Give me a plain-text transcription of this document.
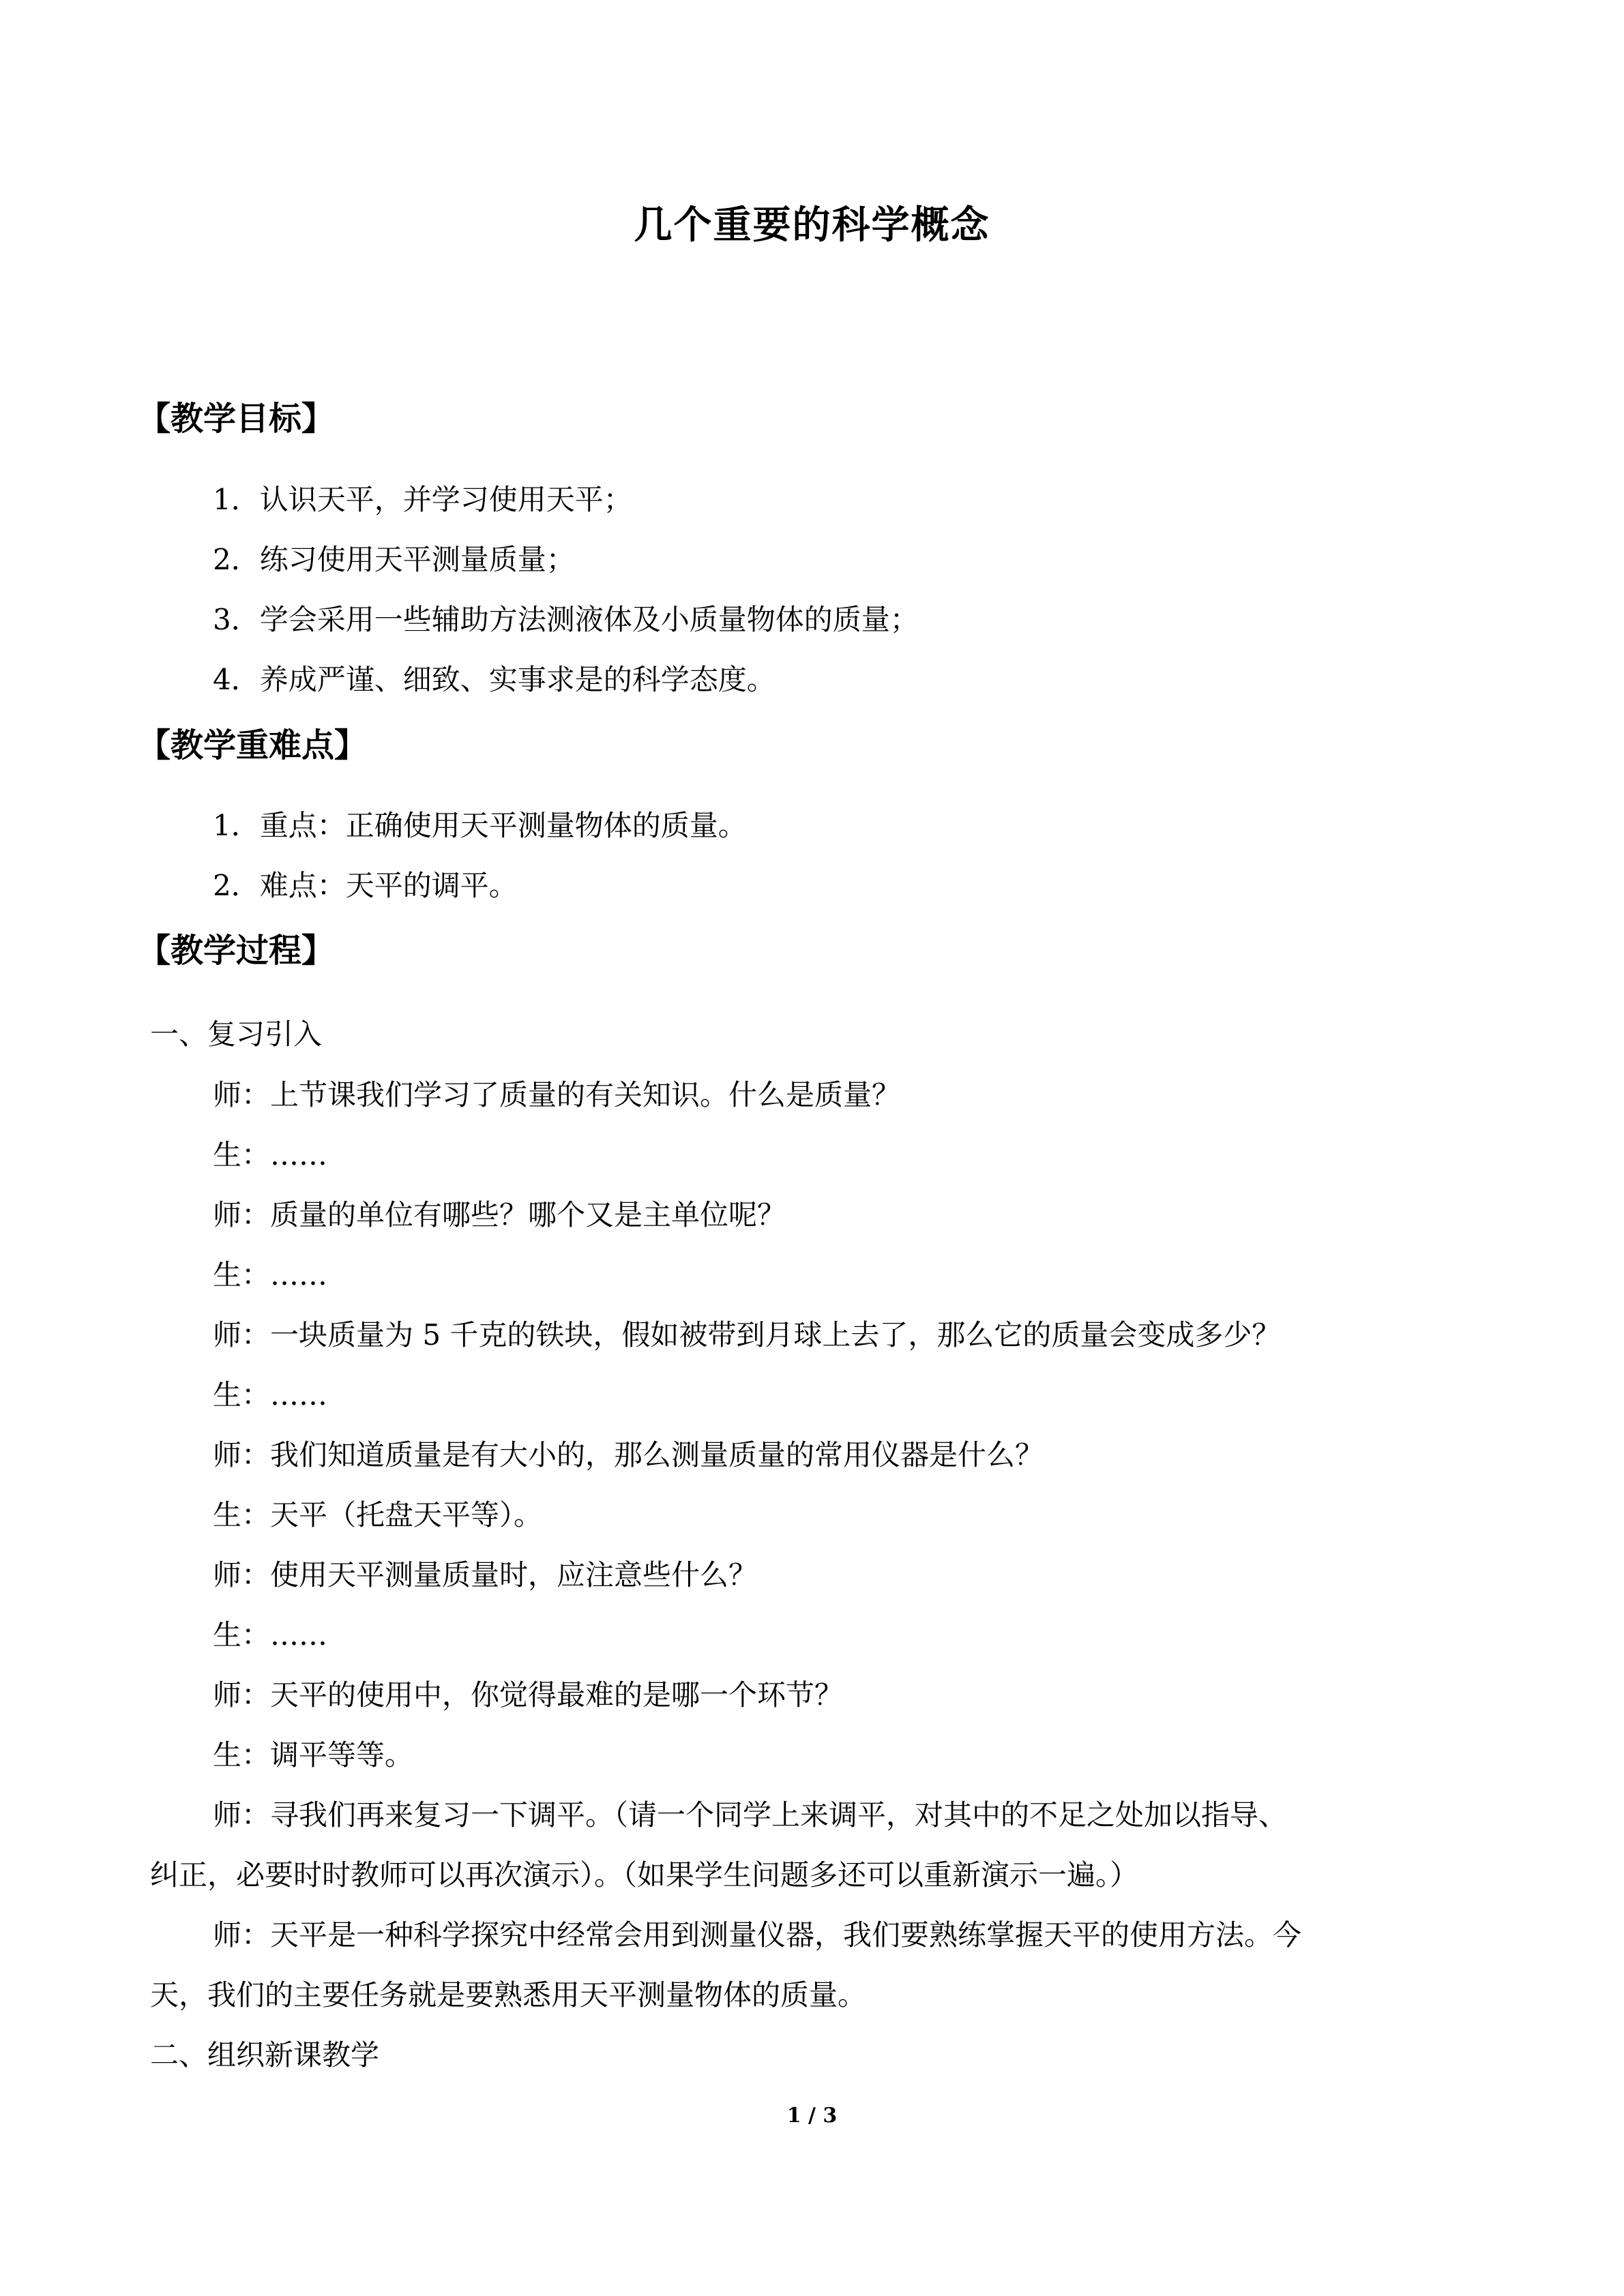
几个重要的科学概念
【教学目标】
1．认识天平，并学习使用天平；
2．练习使用天平测量质量；
3．学会采用一些辅助方法测液体及小质量物体的质量；
4．养成严谨、细致、实事求是的科学态度。
【教学重难点】
1．重点：正确使用天平测量物体的质量。
2．难点：天平的调平。
【教学过程】
一、复习引入
师：上节课我们学习了质量的有关知识。什么是质量？
生：……
师：质量的单位有哪些？哪个又是主单位呢？
生：……
师：一块质量为 5 千克的铁块，假如被带到月球上去了，那么它的质量会变成多少？
生：……
师：我们知道质量是有大小的，那么测量质量的常用仪器是什么？
生：天平（托盘天平等）。
师：使用天平测量质量时，应注意些什么？
生：……
师：天平的使用中，你觉得最难的是哪一个环节？
生：调平等等。
师：寻我们再来复习一下调平。（请一个同学上来调平，对其中的不足之处加以指导、
纠正，必要时时教师可以再次演示）。（如果学生问题多还可以重新演示一遍。）
师：天平是一种科学探究中经常会用到测量仪器，我们要熟练掌握天平的使用方法。今
天，我们的主要任务就是要熟悉用天平测量物体的质量。
二、组织新课教学
1 / 3
